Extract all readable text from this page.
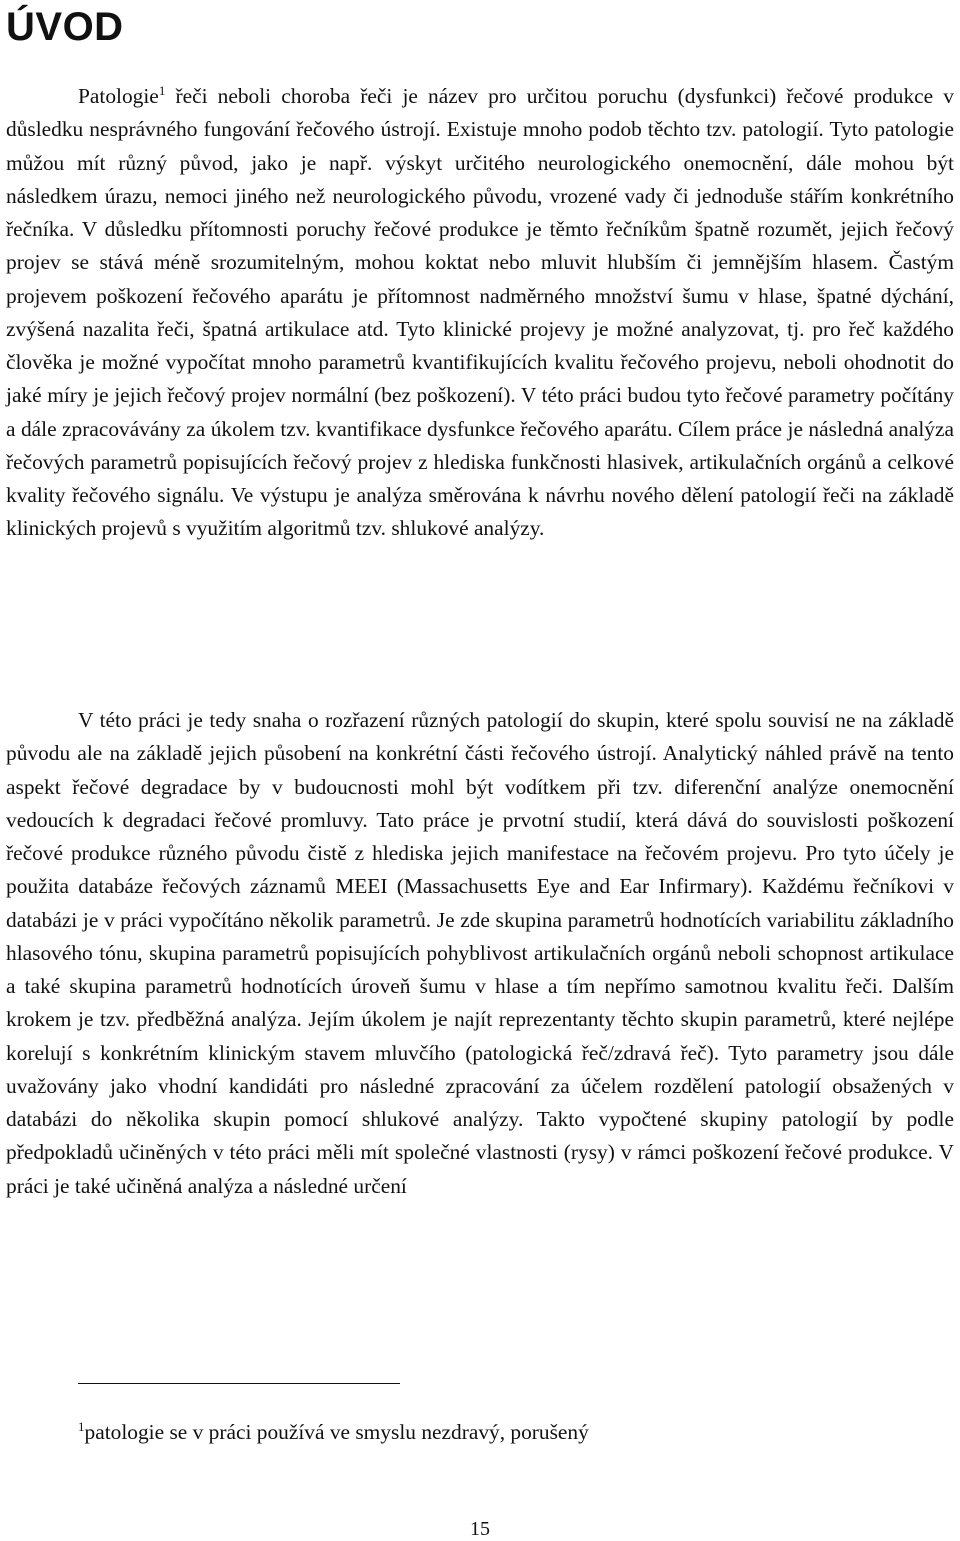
ÚVOD

Patologie$^1$ řeči neboli choroba řeči je název pro určitou poruchu (dysfunkci) řečové produkce v důsledku nesprávného fungování řečového ústrojí. Existuje mnoho podob těchto tzv. patologií. Tyto patologie můžou mít různý původ, jako je např. výskyt určitého neurologického onemocnění, dále mohou být následkem úrazu, nemoci jiného než neurologického původu, vrozené vady či jednoduše stářím konkrétního řečníka. V důsledku přítomnosti poruchy řečové produkce je těmto řečníkům špatně rozumět, jejich řečový projev se stává méně srozumitelným, mohou koktat nebo mluvit hlubším či jemnějším hlasem. Častým projevem poškození řečového aparátu je přítomnost nadměrného množství šumu v hlase, špatné dýchání, zvýšená nazalita řeči, špatná artikulace atd. Tyto klinické projevy je možné analyzovat, tj. pro řeč každého člověka je možné vypočítat mnoho parametrů kvantifikujících kvalitu řečového projevu, neboli ohodnotit do jaké míry je jejich řečový projev normální (bez poškození). V této práci budou tyto řečové parametry počítány a dále zpracovávány za úkolem tzv. kvantifikace dysfunkce řečového aparátu. Cílem práce je následná analýza řečových parametrů popisujících řečový projev z hlediska funkčnosti hlasivek, artikulačních orgánů a celkové kvality řečového signálu. Ve výstupu je analýza směrována k návrhu nového dělení patologií řeči na základě klinických projevů s využitím algoritmů tzv. shlukové analýzy.

V této práci je tedy snaha o rozřazení různých patologií do skupin, které spolu souvisí ne na základě původu ale na základě jejich působení na konkrétní části řečového ústrojí. Analytický náhled právě na tento aspekt řečové degradace by v budoucnosti mohl být vodítkem při tzv. diferenční analýze onemocnění vedoucích k degradaci řečové promluvy. Tato práce je prvotní studií, která dává do souvislosti poškození řečové produkce různého původu čistě z hlediska jejich manifestace na řečovém projevu. Pro tyto účely je použita databáze řečových záznamů MEEI (Massachusetts Eye and Ear Infirmary). Každému řečníkovi v databázi je v práci vypočítáno několik parametrů. Je zde skupina parametrů hodnotících variabilitu základního hlasového tónu, skupina parametrů popisujících pohyblivost artikulačních orgánů neboli schopnost artikulace a také skupina parametrů hodnotících úroveň šumu v hlase a tím nepřímo samotnou kvalitu řeči. Dalším krokem je tzv. předběžná analýza. Jejím úkolem je najít reprezentanty těchto skupin parametrů, které nejlépe korelují s konkrétním klinickým stavem mluvčího (patologická řeč/zdravá řeč). Tyto parametry jsou dále uvažovány jako vhodní kandidáti pro následné zpracování za účelem rozdělení patologií obsažených v databázi do několika skupin pomocí shlukové analýzy. Takto vypočtené skupiny patologií by podle předpokladů učiněných v této práci měli mít společné vlastnosti (rysy) v rámci poškození řečové produkce. V práci je také učiněná analýza a následné určení

$^1$patologie se v práci používá ve smyslu nezdravý, porušený

15
